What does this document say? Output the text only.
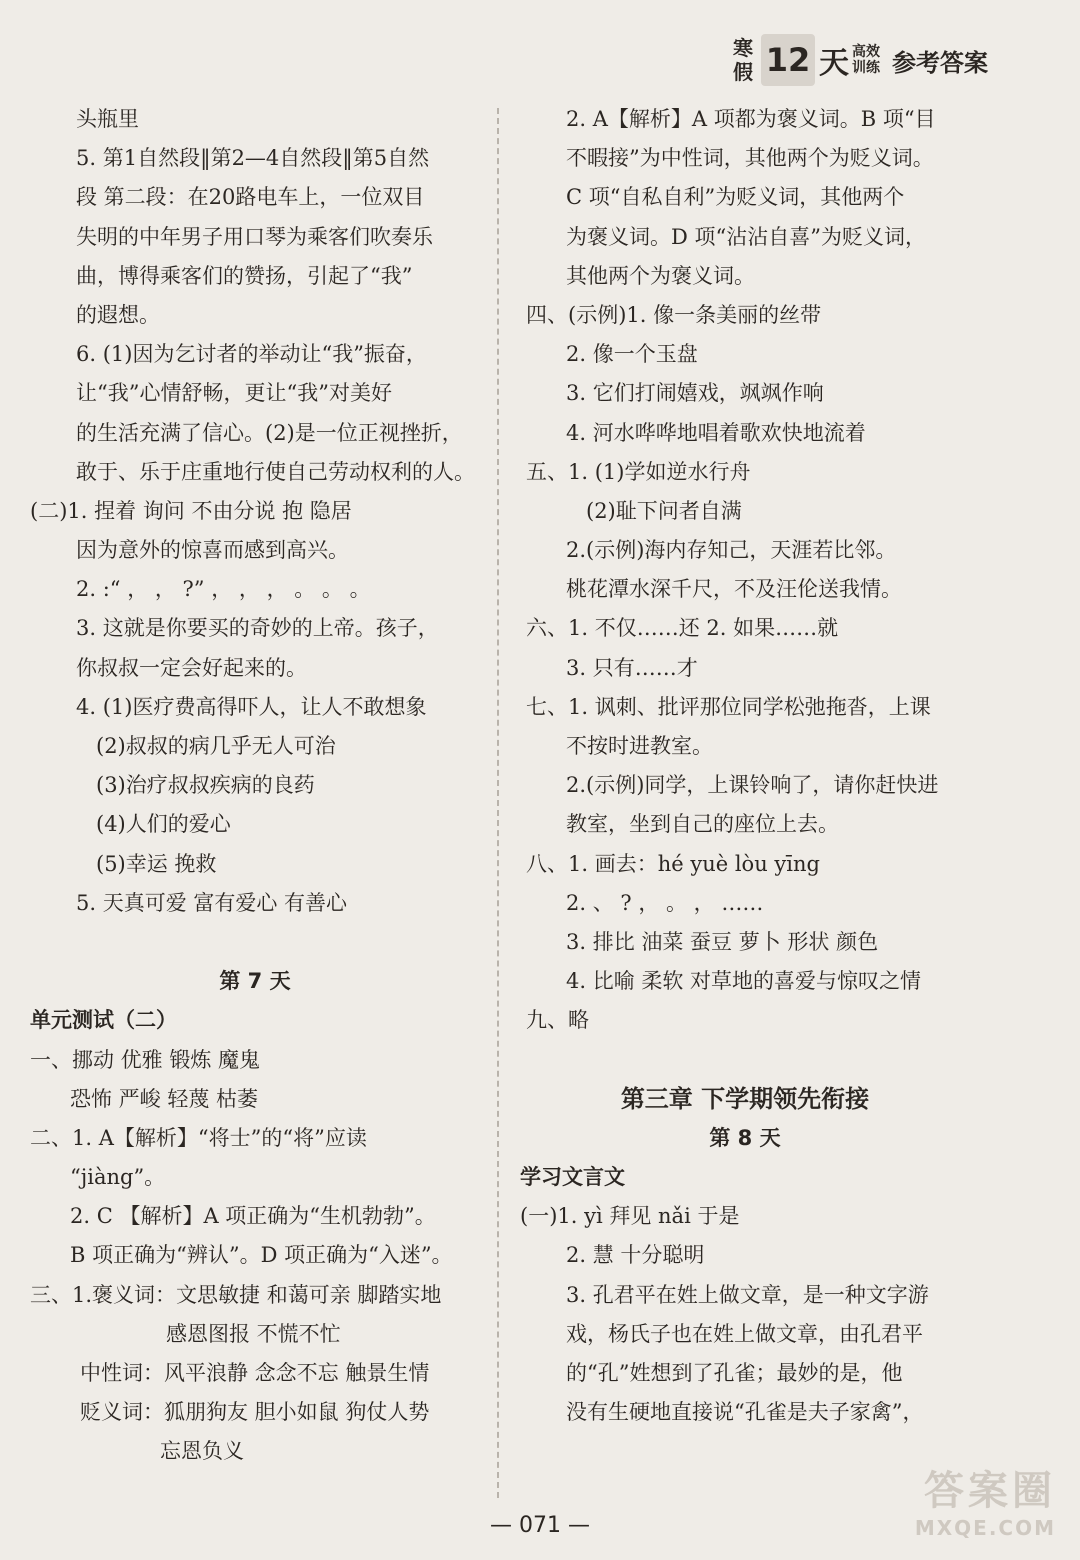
寒
假 12 天 高效
训练 参考答案
头瓶里
5. 第1自然段‖第2—4自然段‖第5自然
段 第二段：在20路电车上，一位双目
失明的中年男子用口琴为乘客们吹奏乐
曲，博得乘客们的赞扬，引起了“我”
的遐想。
6. (1)因为乞讨者的举动让“我”振奋，
让“我”心情舒畅，更让“我”对美好
的生活充满了信心。(2)是一位正视挫折，
敢于、乐于庄重地行使自己劳动权利的人。
(二)1. 捏着 询问 不由分说 抱 隐居
因为意外的惊喜而感到高兴。
2. :“ ， ， ?” ， ， ， 。 。 。
3. 这就是你要买的奇妙的上帝。孩子，
你叔叔一定会好起来的。
4. (1)医疗费高得吓人，让人不敢想象
(2)叔叔的病几乎无人可治
(3)治疗叔叔疾病的良药
(4)人们的爱心
(5)幸运 挽救
5. 天真可爱 富有爱心 有善心
第 7 天
单元测试（二）
一、挪动 优雅 锻炼 魔鬼
恐怖 严峻 轻蔑 枯萎
二、1. A【解析】“将士”的“将”应读
“jiàng”。
2. C 【解析】A 项正确为“生机勃勃”。
B 项正确为“辨认”。D 项正确为“入迷”。
三、1.褒义词：文思敏捷 和蔼可亲 脚踏实地
感恩图报 不慌不忙
中性词：风平浪静 念念不忘 触景生情
贬义词：狐朋狗友 胆小如鼠 狗仗人势
忘恩负义
2. A【解析】A 项都为褒义词。B 项“目
不暇接”为中性词，其他两个为贬义词。
C 项“自私自利”为贬义词，其他两个
为褒义词。D 项“沾沾自喜”为贬义词，
其他两个为褒义词。
四、(示例)1. 像一条美丽的丝带
2. 像一个玉盘
3. 它们打闹嬉戏，飒飒作响
4. 河水哗哗地唱着歌欢快地流着
五、1. (1)学如逆水行舟
(2)耻下问者自满
2.(示例)海内存知己，天涯若比邻。
桃花潭水深千尺，不及汪伦送我情。
六、1. 不仅……还 2. 如果……就
3. 只有……才
七、1. 讽刺、批评那位同学松弛拖沓，上课
不按时进教室。
2.(示例)同学，上课铃响了，请你赶快进
教室，坐到自己的座位上去。
八、1. 画去：hé yuè lòu yīng
2. 、 ? ， 。 ， ……
3. 排比 油菜 蚕豆 萝卜 形状 颜色
4. 比喻 柔软 对草地的喜爱与惊叹之情
九、略
第三章 下学期领先衔接
第 8 天
学习文言文
(一)1. yì 拜见 nǎi 于是
2. 慧 十分聪明
3. 孔君平在姓上做文章，是一种文字游
戏，杨氏子也在姓上做文章，由孔君平
的“孔”姓想到了孔雀；最妙的是，他
没有生硬地直接说“孔雀是夫子家禽”，
— 071 —
答案圈
MXQE.COM
